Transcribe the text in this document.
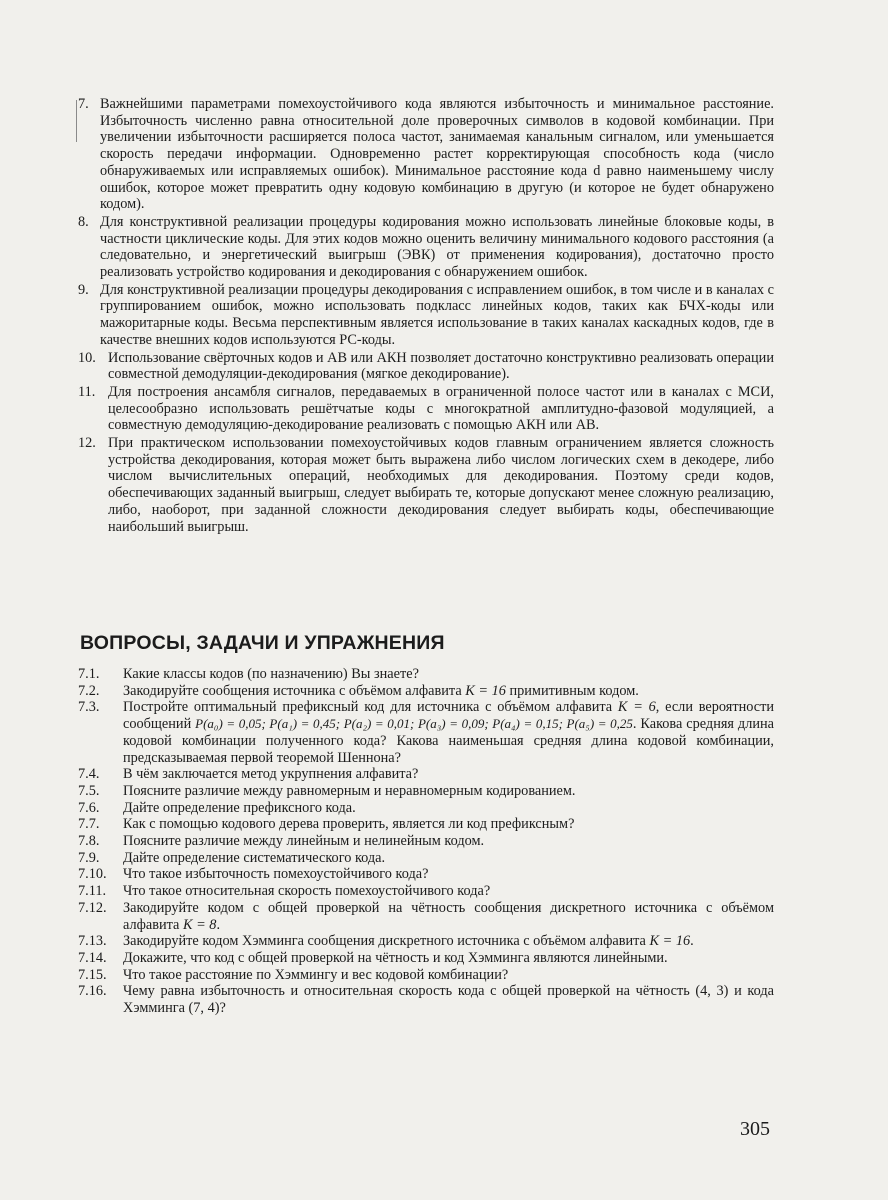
7. Важнейшими параметрами помехоустойчивого кода являются избыточность и минимальное расстояние. Избыточность численно равна относительной доле проверочных символов в кодовой комбинации. При увеличении избыточности расширяется полоса частот, занимаемая канальным сигналом, или уменьшается скорость передачи информации. Одновременно растет корректирующая способность кода (число обнаруживаемых или исправляемых ошибок). Минимальное расстояние кода d равно наименьшему числу ошибок, которое может превратить одну кодовую комбинацию в другую (и которое не будет обнаружено кодом).
8. Для конструктивной реализации процедуры кодирования можно использовать линейные блоковые коды, в частности циклические коды. Для этих кодов можно оценить величину минимального кодового расстояния (а следовательно, и энергетический выигрыш (ЭВК) от применения кодирования), достаточно просто реализовать устройство кодирования и декодирования с обнаружением ошибок.
9. Для конструктивной реализации процедуры декодирования с исправлением ошибок, в том числе и в каналах с группированием ошибок, можно использовать подкласс линейных кодов, таких как БЧХ-коды или мажоритарные коды. Весьма перспективным является использование в таких каналах каскадных кодов, где в качестве внешних кодов используются РС-коды.
10. Использование свёрточных кодов и АВ или АКН позволяет достаточно конструктивно реализовать операции совместной демодуляции-декодирования (мягкое декодирование).
11. Для построения ансамбля сигналов, передаваемых в ограниченной полосе частот или в каналах с МСИ, целесообразно использовать решётчатые коды с многократной амплитудно-фазовой модуляцией, а совместную демодуляцию-декодирование реализовать с помощью АКН или АВ.
12. При практическом использовании помехоустойчивых кодов главным ограничением является сложность устройства декодирования, которая может быть выражена либо числом логических схем в декодере, либо числом вычислительных операций, необходимых для декодирования. Поэтому среди кодов, обеспечивающих заданный выигрыш, следует выбирать те, которые допускают менее сложную реализацию, либо, наоборот, при заданной сложности декодирования следует выбирать коды, обеспечивающие наибольший выигрыш.
ВОПРОСЫ, ЗАДАЧИ И УПРАЖНЕНИЯ
7.1.	Какие классы кодов (по назначению) Вы знаете?
7.2.	Закодируйте сообщения источника с объёмом алфавита K = 16 примитивным кодом.
7.3.	Постройте оптимальный префиксный код для источника с объёмом алфавита K = 6, если вероятности сообщений P(a₀) = 0,05; P(a₁) = 0,45; P(a₂) = 0,01; P(a₃) = 0,09; P(a₄) = 0,15; P(a₅) = 0,25. Какова средняя длина кодовой комбинации полученного кода? Какова наименьшая средняя длина кодовой комбинации, предсказываемая первой теоремой Шеннона?
7.4.	В чём заключается метод укрупнения алфавита?
7.5.	Поясните различие между равномерным и неравномерным кодированием.
7.6.	Дайте определение префиксного кода.
7.7.	Как с помощью кодового дерева проверить, является ли код префиксным?
7.8.	Поясните различие между линейным и нелинейным кодом.
7.9.	Дайте определение систематического кода.
7.10.	Что такое избыточность помехоустойчивого кода?
7.11.	Что такое относительная скорость помехоустойчивого кода?
7.12.	Закодируйте кодом с общей проверкой на чётность сообщения дискретного источника с объёмом алфавита K = 8.
7.13.	Закодируйте кодом Хэмминга сообщения дискретного источника с объёмом алфавита K = 16.
7.14.	Докажите, что код с общей проверкой на чётность и код Хэмминга являются линейными.
7.15.	Что такое расстояние по Хэммингу и вес кодовой комбинации?
7.16.	Чему равна избыточность и относительная скорость кода с общей проверкой на чётность (4, 3) и кода Хэмминга (7, 4)?
305
